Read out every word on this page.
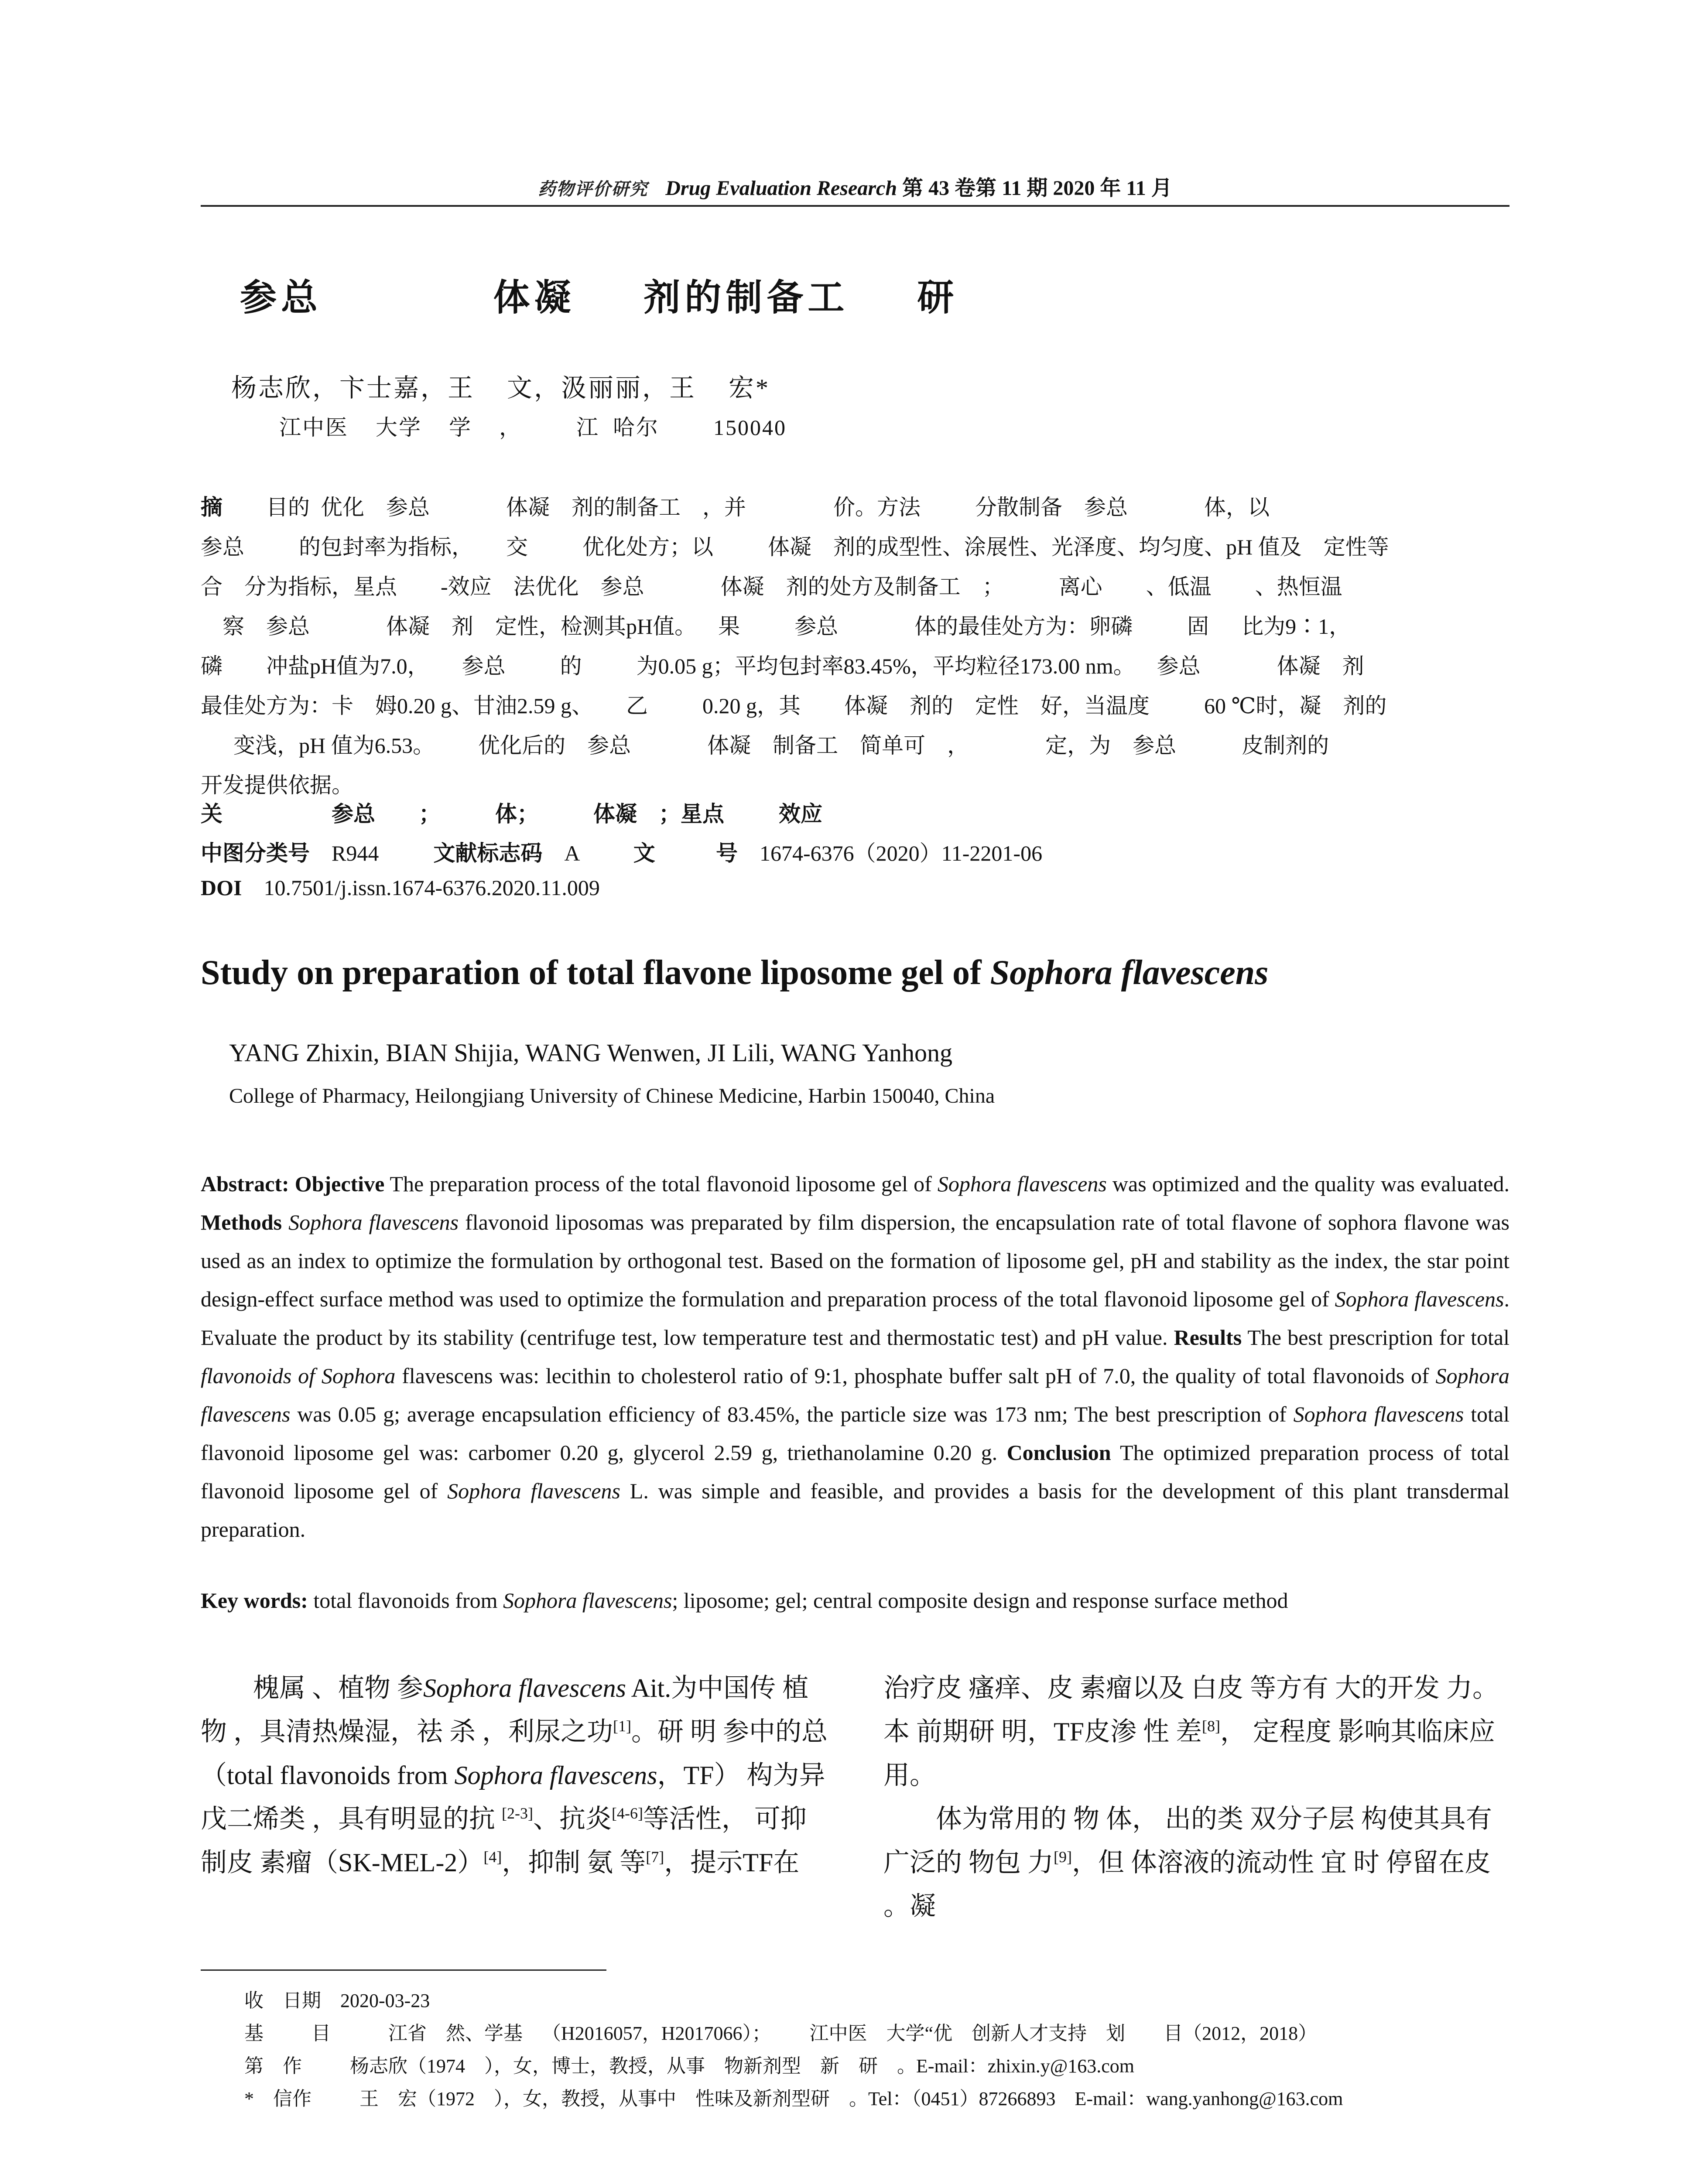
药物评价研究 Drug Evaluation Research 第 43 卷第 11 期 2020 年 11 月
参总          体凝    剂的制备工    研
杨志欣，卞士嘉，王    文，汲丽丽，王    宏*
江中医    大学    学    ，        江  哈尔        150040
摘        目的  优化    参总              体凝    剂的制备工    ，并                价。方法          分散制备    参总              体，以
参总          的包封率为指标，      交          优化处方；以          体凝    剂的成型性、涂展性、光泽度、均匀度、pH 值及    定性等
合    分为指标，星点        -效应    法优化    参总              体凝    剂的处方及制备工    ；          离心        、低温        、热恒温
察    参总              体凝    剂    定性，检测其pH值。    果          参总              体的最佳处方为：卵磷          固      比为9∶1，
磷        冲盐pH值为7.0，      参总          的          为0.05 g；平均包封率83.45%，平均粒径173.00 nm。    参总              体凝    剂
最佳处方为：卡    姆0.20 g、甘油2.59 g、      乙          0.20 g，其        体凝    剂的    定性    好，当温度          60 ℃时，凝    剂的
变浅，pH 值为6.53。        优化后的    参总              体凝    制备工    简单可    ，              定，为    参总            皮制剂的
开发提供依据。
关                    参总        ；          体；          体凝    ；星点          效应
中图分类号 R944	文献标志码 A	文        号 1674-6376（2020）11-2201-06
DOI 10.7501/j.issn.1674-6376.2020.11.009
Study on preparation of total flavone liposome gel of Sophora flavescens
YANG Zhixin, BIAN Shijia, WANG Wenwen, JI Lili, WANG Yanhong
College of Pharmacy, Heilongjiang University of Chinese Medicine, Harbin 150040, China
Abstract: Objective The preparation process of the total flavonoid liposome gel of Sophora flavescens was optimized and the quality was evaluated. Methods Sophora flavescens flavonoid liposomas was preparated by film dispersion, the encapsulation rate of total flavone of sophora flavone was used as an index to optimize the formulation by orthogonal test. Based on the formation of liposome gel, pH and stability as the index, the star point design-effect surface method was used to optimize the formulation and preparation process of the total flavonoid liposome gel of Sophora flavescens. Evaluate the product by its stability (centrifuge test, low temperature test and thermostatic test) and pH value. Results The best prescription for total flavonoids of Sophora flavescens was: lecithin to cholesterol ratio of 9:1, phosphate buffer salt pH of 7.0, the quality of total flavonoids of Sophora flavescens was 0.05 g; average encapsulation efficiency of 83.45%, the particle size was 173 nm; The best prescription of Sophora flavescens total flavonoid liposome gel was: carbomer 0.20 g, glycerol 2.59 g, triethanolamine 0.20 g. Conclusion The optimized preparation process of total flavonoid liposome gel of Sophora flavescens L. was simple and feasible, and provides a basis for the development of this plant transdermal preparation.
Key words: total flavonoids from Sophora flavescens; liposome; gel; central composite design and response surface method

槐属 、植物 参Sophora flavescens Ait.为中国传 植物 ，具清热燥湿，祛 杀 ，利尿之功[1]。研 明 参中的总 （total flavonoids from Sophora flavescens，TF） 构为异戊二烯类 ，具有明显的抗 [2-3]、抗炎[4-6]等活性， 可抑制皮 素瘤（SK-MEL-2）[4]，抑制 氨 等[7]，提示TF在

治疗皮 瘙痒、皮 素瘤以及 白皮 等方有 大的开发 力。本 前期研 明，TF皮渗 性 差[8]， 定程度 影响其临床应用。

体为常用的 物 体， 出的类 双分子层 构使其具有广泛的 物包 力[9]，但 体溶液的流动性 宜 时 停留在皮 。凝

收    日期    2020-03-23
基          目            江省    然、学基    （H2016057，H2017066）；        江中医    大学“优    创新人才支持    划        目（2012，2018）
第    作          杨志欣（1974    ），女，博士，教授，从事    物新剂型    新    研    。E-mail：zhixin.y@163.com
*    信作          王    宏（1972    ），女，教授，从事中    性味及新剂型研    。Tel：（0451）87266893    E-mail：wang.yanhong@163.com
